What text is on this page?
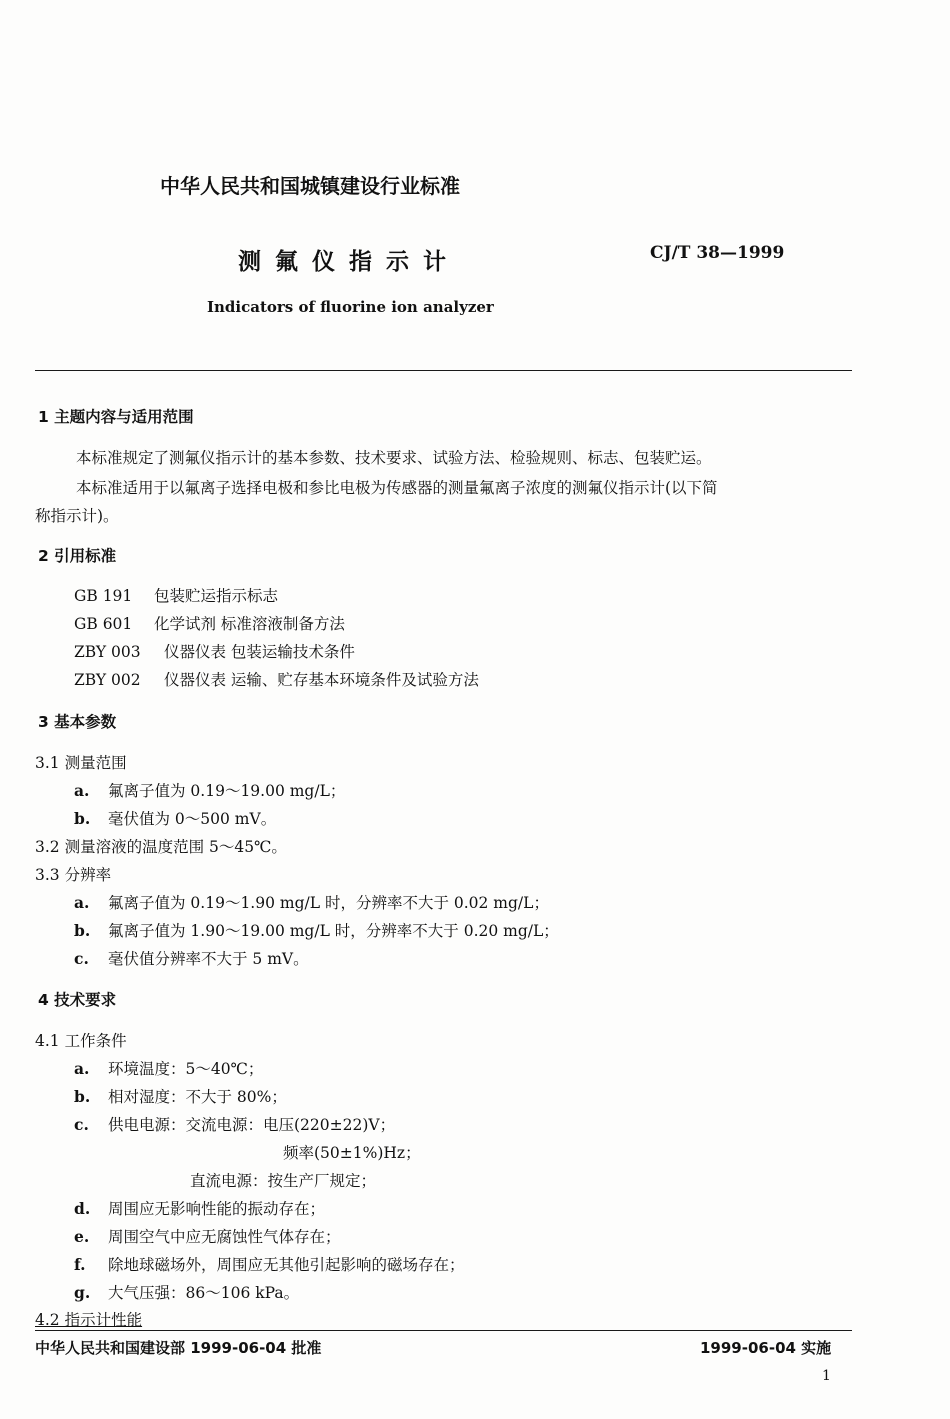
中华人民共和国城镇建设行业标准
测 氟 仪 指 示 计	CJ/T 38—1999
Indicators of fluorine ion analyzer
1 主题内容与适用范围
本标准规定了测氟仪指示计的基本参数、技术要求、试验方法、检验规则、标志、包装贮运。
本标准适用于以氟离子选择电极和参比电极为传感器的测量氟离子浓度的测氟仪指示计(以下简
称指示计)。
2 引用标准
GB 191 包装贮运指示标志
GB 601 化学试剂 标准溶液制备方法
ZBY 003 仪器仪表 包装运输技术条件
ZBY 002 仪器仪表 运输、贮存基本环境条件及试验方法
3 基本参数
3.1 测量范围
a. 氟离子值为 0.19～19.00 mg/L；
b. 毫伏值为 0～500 mV。
3.2 测量溶液的温度范围 5～45℃。
3.3 分辨率
a. 氟离子值为 0.19～1.90 mg/L 时，分辨率不大于 0.02 mg/L；
b. 氟离子值为 1.90～19.00 mg/L 时，分辨率不大于 0.20 mg/L；
c. 毫伏值分辨率不大于 5 mV。
4 技术要求
4.1 工作条件
a. 环境温度：5～40℃；
b. 相对湿度：不大于 80%；
c. 供电电源：交流电源：电压(220±22)V；
频率(50±1%)Hz；
直流电源：按生产厂规定；
d. 周围应无影响性能的振动存在；
e. 周围空气中应无腐蚀性气体存在；
f. 除地球磁场外，周围应无其他引起影响的磁场存在；
g. 大气压强：86～106 kPa。
4.2 指示计性能
中华人民共和国建设部 1999-06-04 批准	1999-06-04 实施
1
